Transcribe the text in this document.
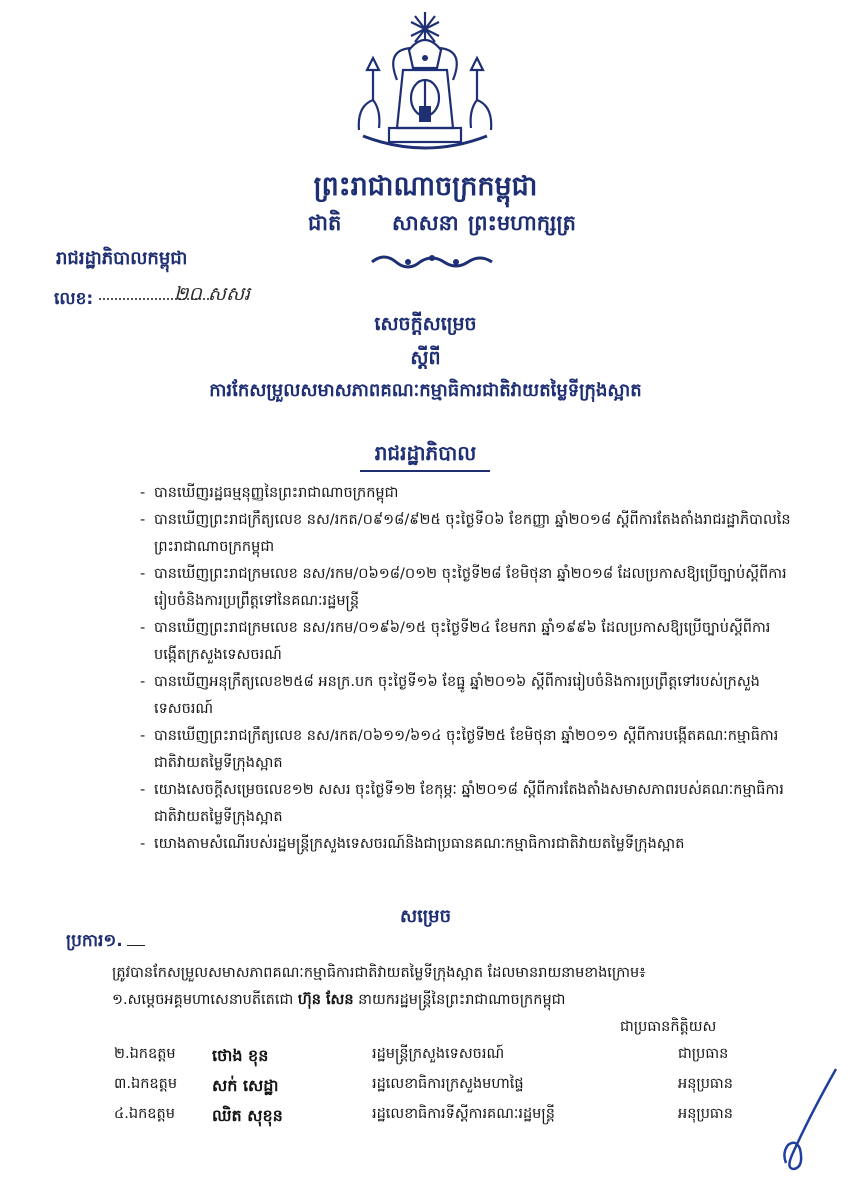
ព្រះរាជាណាចក្រកម្ពុជា
ជាតិ សាសនា ព្រះមហាក្សត្រ
រាជរដ្ឋាភិបាលកម្ពុជា
លេខ:	២០ សសរ
សេចក្តីសម្រេច
ស្តីពី
ការកែសម្រួលសមាសភាពគណៈកម្មាធិការជាតិវាយតម្លៃទីក្រុងស្អាត
រាជរដ្ឋាភិបាល
- បានឃើញរដ្ឋធម្មនុញ្ញនៃព្រះរាជាណាចក្រកម្ពុជា
- បានឃើញព្រះរាជក្រឹត្យលេខ នស/រកត/០៩១៨/៩២៥ ចុះថ្ងៃទី០៦ ខែកញ្ញា ឆ្នាំ២០១៨ ស្តីពីការតែងតាំងរាជរដ្ឋាភិបាលនៃព្រះរាជាណាចក្រកម្ពុជា
- បានឃើញព្រះរាជក្រមលេខ នស/រកម/០៦១៨/០១២ ចុះថ្ងៃទី២៨ ខែមិថុនា ឆ្នាំ២០១៨ ដែលប្រកាសឱ្យប្រើច្បាប់ស្តីពីការរៀបចំនិងការប្រព្រឹត្តទៅនៃគណៈរដ្ឋមន្ត្រី
- បានឃើញព្រះរាជក្រមលេខ នស/រកម/០១៩៦/១៥ ចុះថ្ងៃទី២៤ ខែមករា ឆ្នាំ១៩៩៦ ដែលប្រកាសឱ្យប្រើច្បាប់ស្តីពីការបង្កើតក្រសួងទេសចរណ៍
- បានឃើញអនុក្រឹត្យលេខ២៥៨ អនក្រ.បក ចុះថ្ងៃទី១៦ ខែធ្នូ ឆ្នាំ២០១៦ ស្តីពីការរៀបចំនិងការប្រព្រឹត្តទៅរបស់ក្រសួងទេសចរណ៍
- បានឃើញព្រះរាជក្រឹត្យលេខ នស/រកត/០៦១១/៦១៤ ចុះថ្ងៃទី២៥ ខែមិថុនា ឆ្នាំ២០១១ ស្តីពីការបង្កើតគណៈកម្មាធិការជាតិវាយតម្លៃទីក្រុងស្អាត
- យោងសេចក្តីសម្រេចលេខ១២ សសរ ចុះថ្ងៃទី១២ ខែកុម្ភៈ ឆ្នាំ២០១៨ ស្តីពីការតែងតាំងសមាសភាពរបស់គណៈកម្មាធិការជាតិវាយតម្លៃទីក្រុងស្អាត
- យោងតាមសំណើរបស់រដ្ឋមន្ត្រីក្រសួងទេសចរណ៍និងជាប្រធានគណៈកម្មាធិការជាតិវាយតម្លៃទីក្រុងស្អាត
សម្រេច
ប្រការ១.
ត្រូវបានកែសម្រួលសមាសភាពគណៈកម្មាធិការជាតិវាយតម្លៃទីក្រុងស្អាត ដែលមានរាយនាមខាងក្រោម៖
១.សម្តេចអគ្គមហាសេនាបតីតេជោ ហ៊ុន សែន នាយករដ្ឋមន្ត្រីនៃព្រះរាជាណាចក្រកម្ពុជា
ជាប្រធានកិត្តិយស
២.ឯកឧត្តម ថោង ខុន	រដ្ឋមន្ត្រីក្រសួងទេសចរណ៍	ជាប្រធាន
៣.ឯកឧត្តម សក់ សេដ្ឋា	រដ្ឋលេខាធិការក្រសួងមហាផ្ទៃ	អនុប្រធាន
៤.ឯកឧត្តម ឈិត សុខុន	រដ្ឋលេខាធិការទីស្តីការគណៈរដ្ឋមន្ត្រី	អនុប្រធាន
